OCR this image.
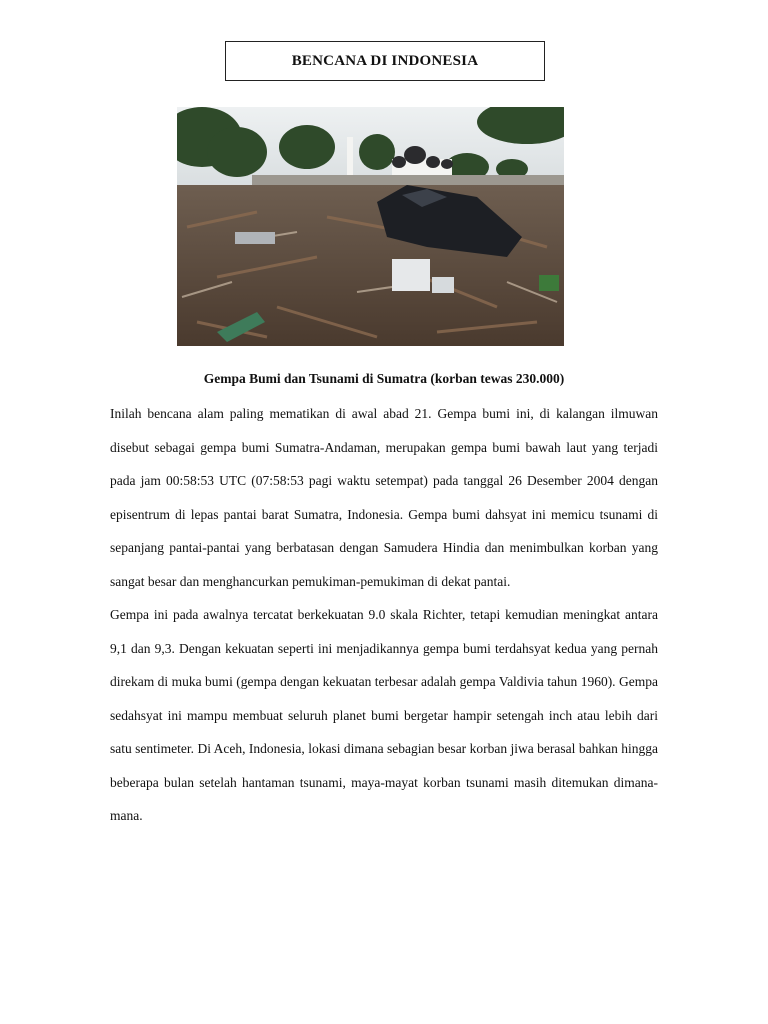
BENCANA DI INDONESIA
Gempa Bumi dan Tsunami di Sumatra (korban tewas 230.000)

Inilah bencana alam paling mematikan di awal abad 21. Gempa bumi ini, di kalangan ilmuwan disebut sebagai gempa bumi Sumatra-Andaman, merupakan gempa bumi bawah laut yang terjadi pada jam 00:58:53 UTC (07:58:53 pagi waktu setempat) pada tanggal 26 Desember 2004 dengan episentrum di lepas pantai barat Sumatra, Indonesia. Gempa bumi dahsyat ini memicu tsunami di sepanjang pantai-pantai yang berbatasan dengan Samudera Hindia dan menimbulkan korban yang sangat besar dan menghancurkan pemukiman-pemukiman di dekat pantai.

Gempa ini pada awalnya tercatat berkekuatan 9.0 skala Richter, tetapi kemudian meningkat antara 9,1 dan 9,3. Dengan kekuatan seperti ini menjadikannya gempa bumi terdahsyat kedua yang pernah direkam di muka bumi (gempa dengan kekuatan terbesar adalah gempa Valdivia tahun 1960). Gempa sedahsyat ini mampu membuat seluruh planet bumi bergetar hampir setengah inch atau lebih dari satu sentimeter. Di Aceh, Indonesia, lokasi dimana sebagian besar korban jiwa berasal bahkan hingga beberapa bulan setelah hantaman tsunami, maya-mayat korban tsunami masih ditemukan dimana-mana.
